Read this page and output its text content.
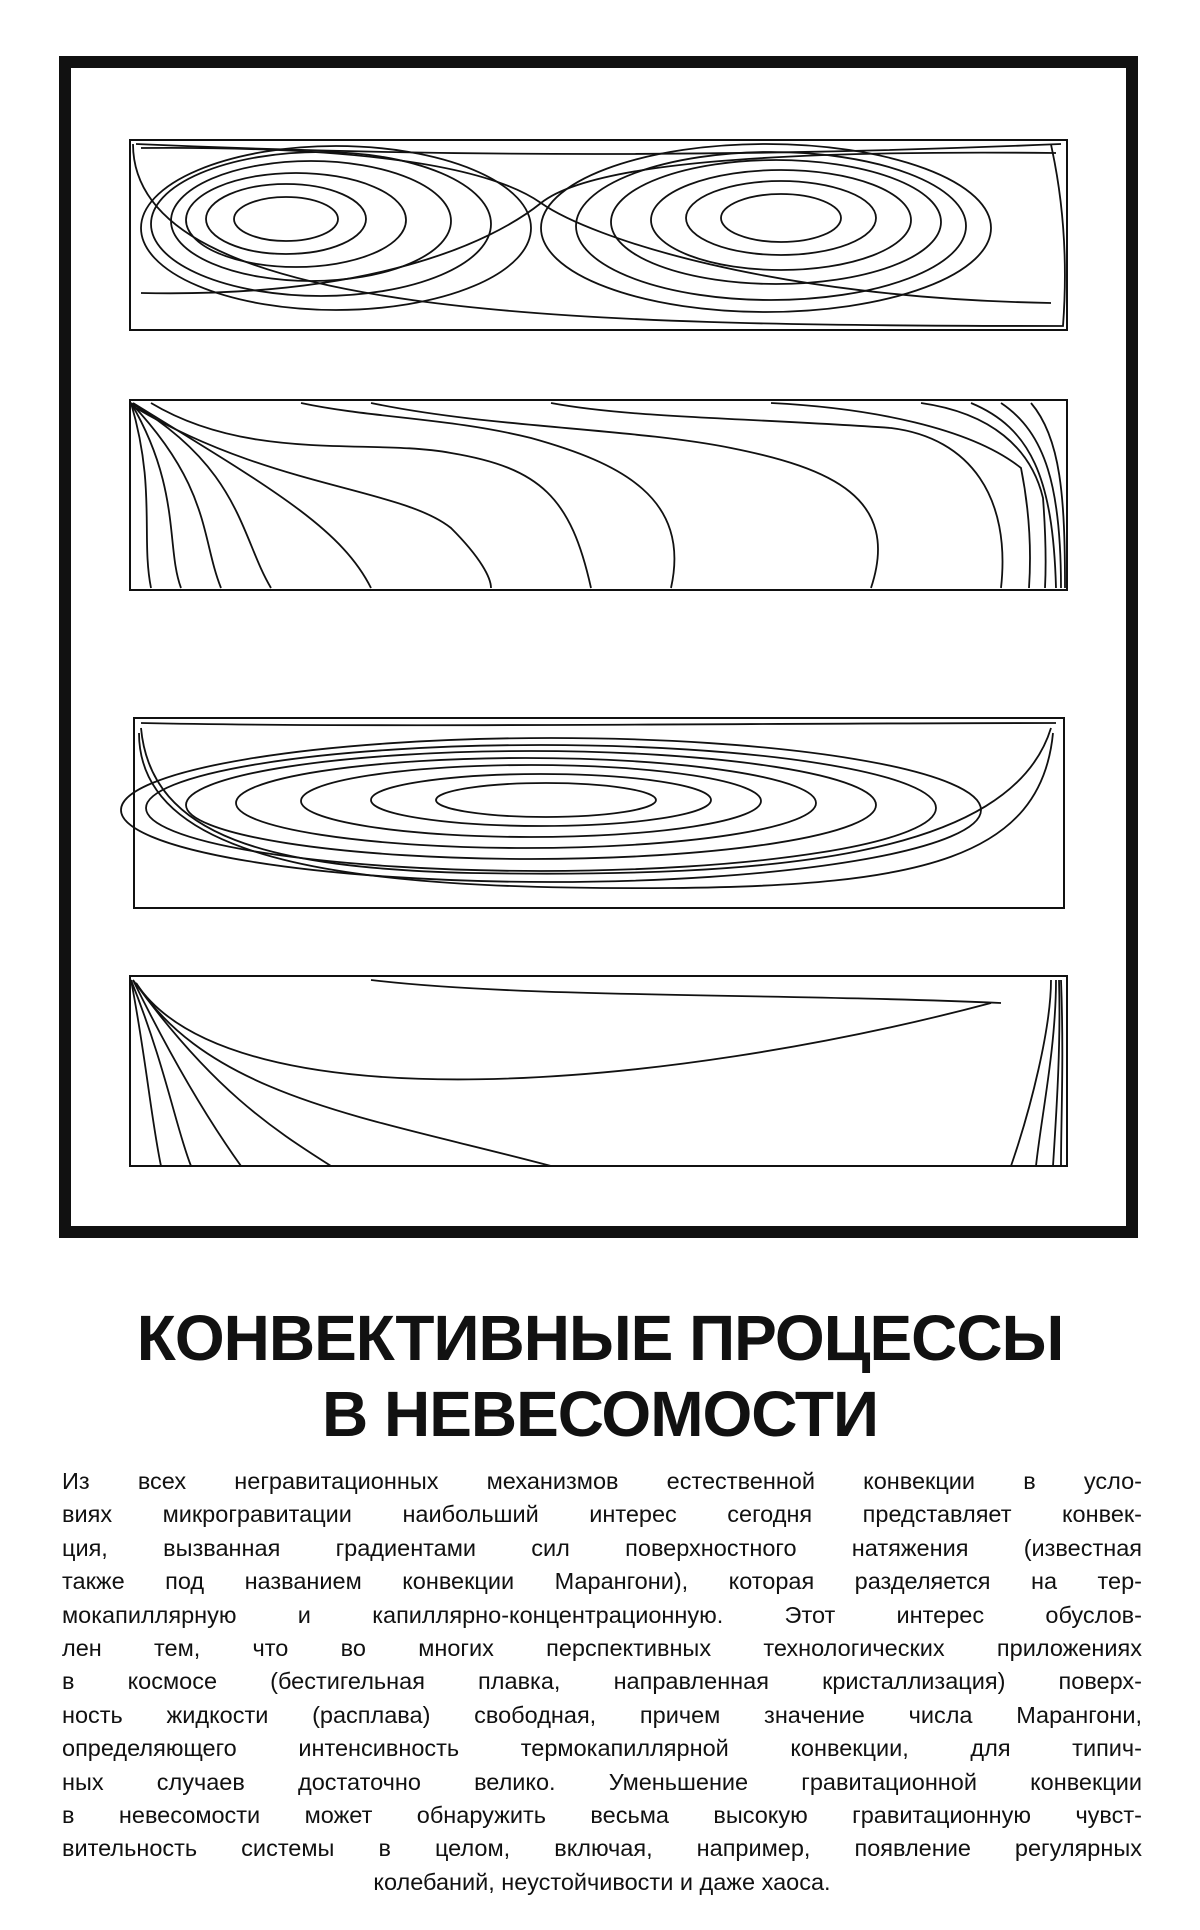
КОНВЕКТИВНЫЕ ПРОЦЕССЫ
В НЕВЕСОМОСТИ
Из всех негравитационных механизмов естественной конвекции в усло-
виях микрогравитации наибольший интерес сегодня представляет конвек-
ция, вызванная градиентами сил поверхностного натяжения (известная
также под названием конвекции Марангони), которая разделяется на тер-
мокапиллярную и капиллярно-концентрационную. Этот интерес обуслов-
лен тем, что во многих перспективных технологических приложениях
в космосе (бестигельная плавка, направленная кристаллизация) поверх-
ность жидкости (расплава) свободная, причем значение числа Марангони,
определяющего интенсивность термокапиллярной конвекции, для типич-
ных случаев достаточно велико. Уменьшение гравитационной конвекции
в невесомости может обнаружить весьма высокую гравитационную чувст-
вительность системы в целом, включая, например, появление регулярных
колебаний, неустойчивости и даже хаоса.
